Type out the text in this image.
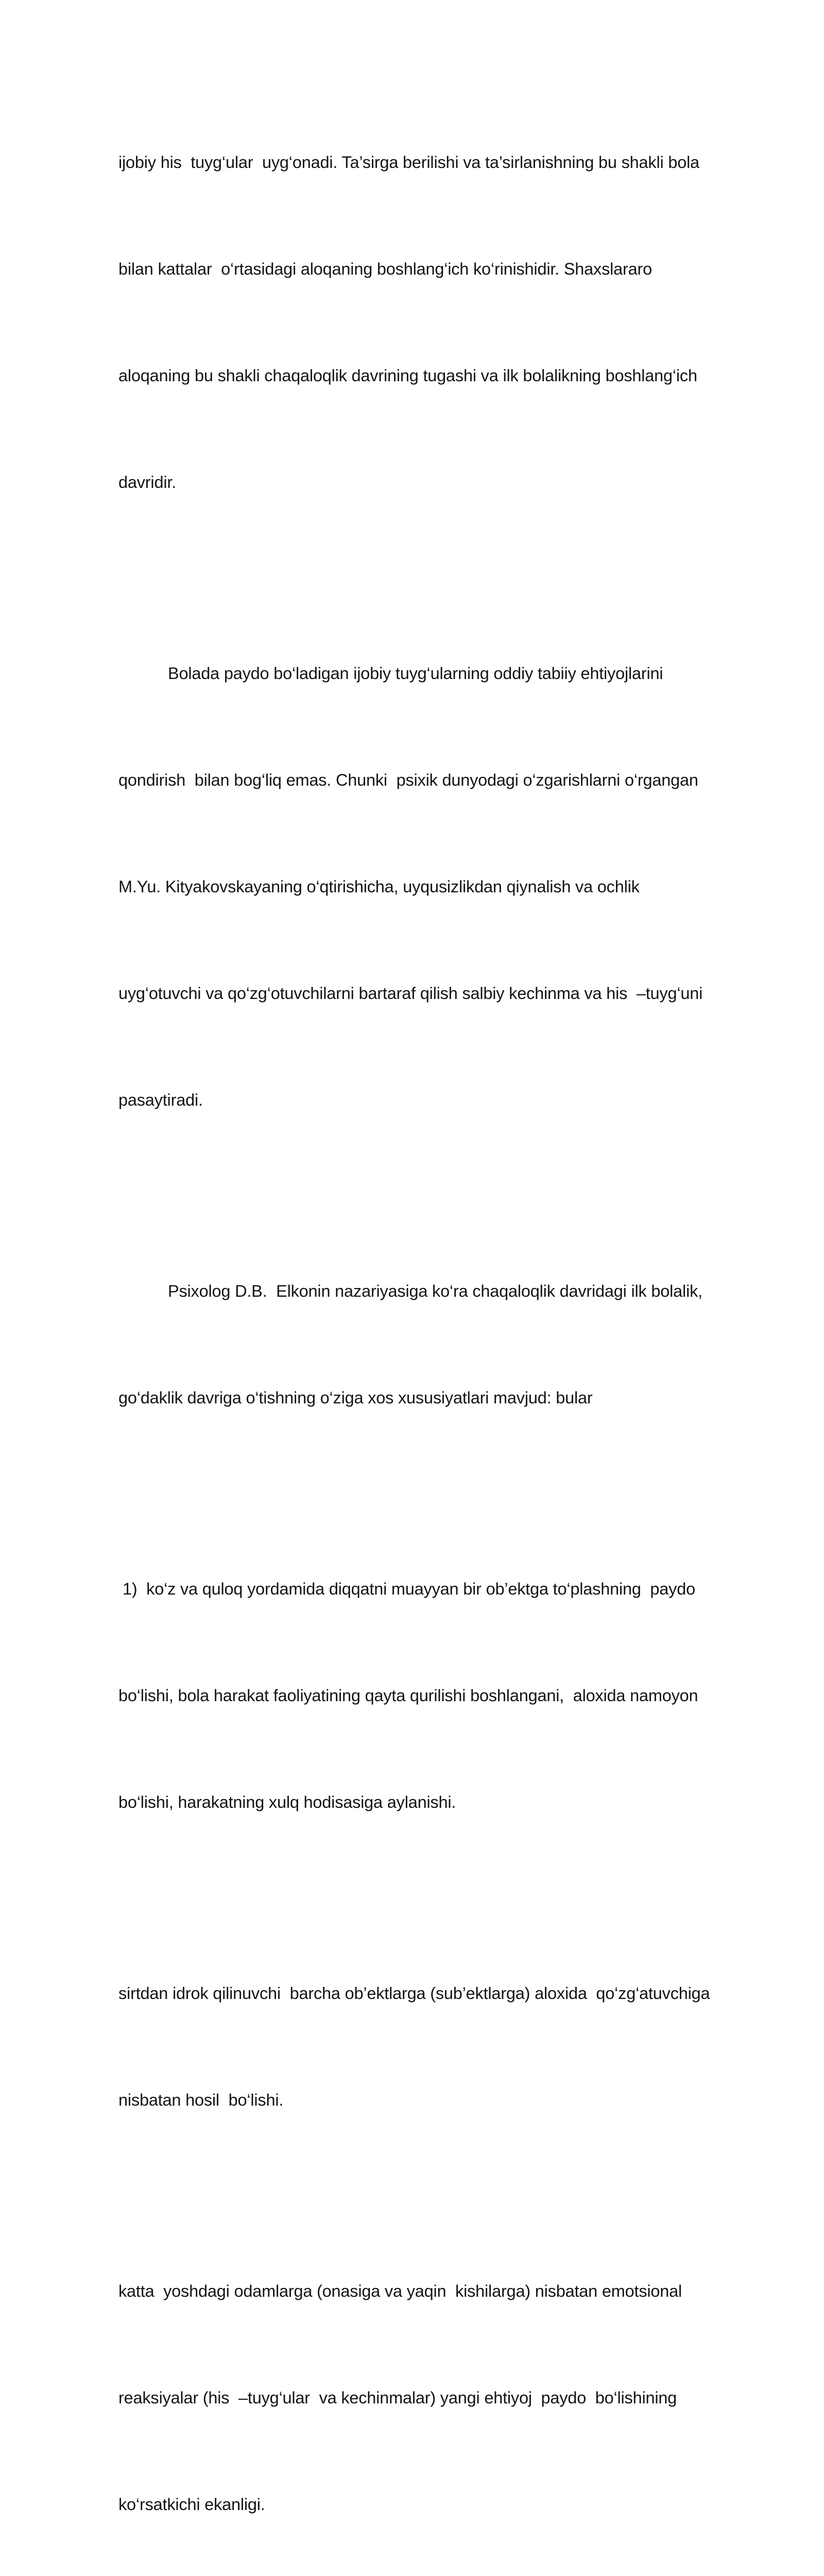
ijobiy his  tuyg‘ular  uyg‘onadi. Ta’sirga berilishi va ta’sirlanishning bu shakli bola

bilan kattalar  o‘rtasidagi aloqaning boshlang‘ich ko‘rinishidir. Shaxslararo

aloqaning bu shakli chaqaloqlik davrining tugashi va ilk bolalikning boshlang‘ich

davridir.

Bolada paydo bo‘ladigan ijobiy tuyg‘ularning oddiy tabiiy ehtiyojlarini

qondirish  bilan bog‘liq emas. Chunki  psixik dunyodagi o‘zgarishlarni o‘rgangan

M.Yu. Kityakovskayaning o‘qtirishicha, uyqusizlikdan qiynalish va ochlik

uyg‘otuvchi va qo‘zg‘otuvchilarni bartaraf qilish salbiy kechinma va his  –tuyg‘uni

pasaytiradi.

Psixolog D.B.  Elkonin nazariyasiga ko‘ra chaqaloqlik davridagi ilk bolalik,

go‘daklik davriga o‘tishning o‘ziga xos xususiyatlari mavjud: bular

1)  ko‘z va quloq yordamida diqqatni muayyan bir ob’ektga to‘plashning  paydo

bo‘lishi, bola harakat faoliyatining qayta qurilishi boshlangani,  aloxida namoyon

bo‘lishi, harakatning xulq hodisasiga aylanishi.

sirtdan idrok qilinuvchi  barcha ob’ektlarga (sub’ektlarga) aloxida  qo‘zg‘atuvchiga

nisbatan hosil  bo‘lishi.

katta  yoshdagi odamlarga (onasiga va yaqin  kishilarga) nisbatan emotsional

reaksiyalar (his  –tuyg‘ular  va kechinmalar) yangi ehtiyoj  paydo  bo‘lishining

ko‘rsatkichi ekanligi.
